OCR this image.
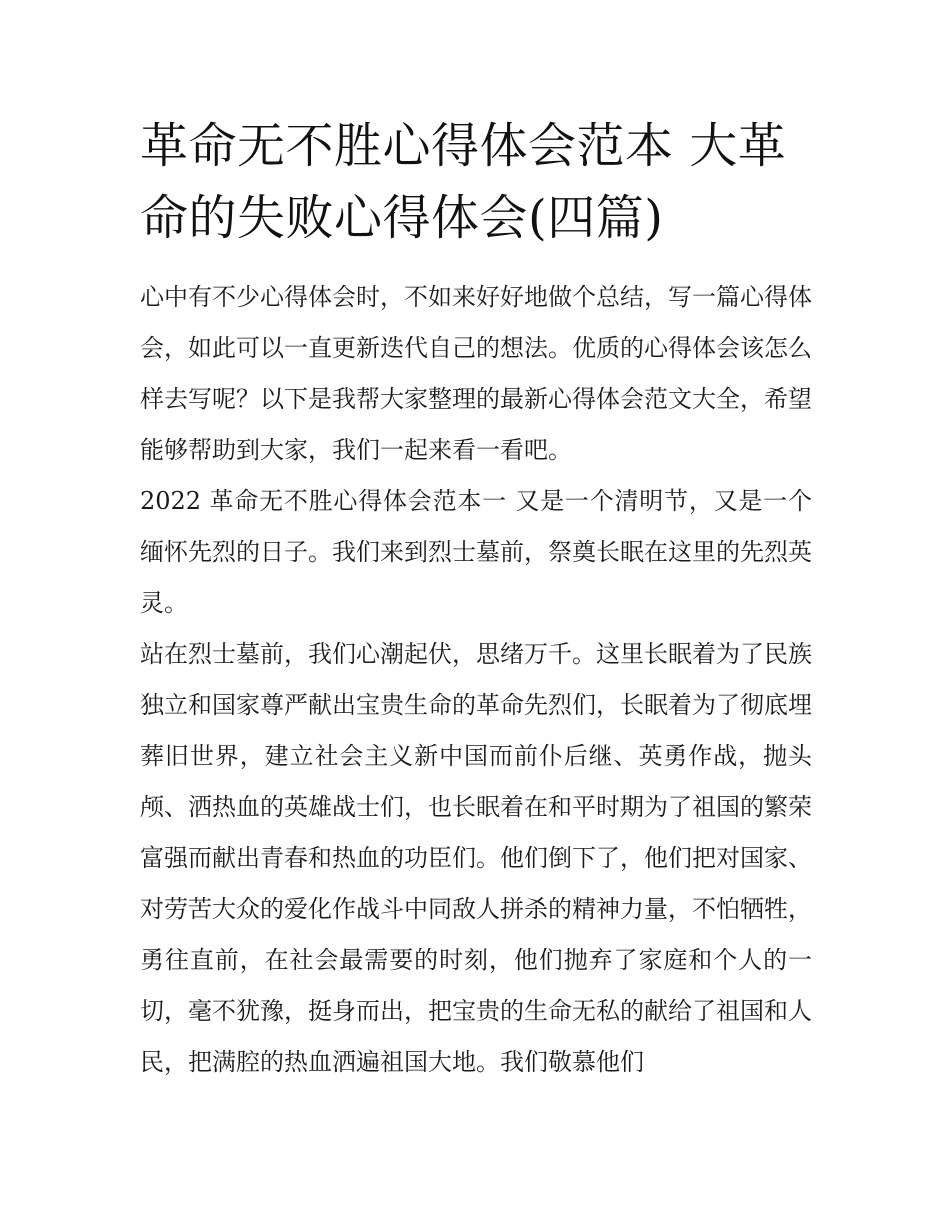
革命无不胜心得体会范本 大革命的失败心得体会(四篇)

心中有不少心得体会时，不如来好好地做个总结，写一篇心得体会，如此可以一直更新迭代自己的想法。优质的心得体会该怎么样去写呢？以下是我帮大家整理的最新心得体会范文大全，希望能够帮助到大家，我们一起来看一看吧。

2022 革命无不胜心得体会范本一 又是一个清明节，又是一个缅怀先烈的日子。我们来到烈士墓前，祭奠长眠在这里的先烈英灵。

站在烈士墓前，我们心潮起伏，思绪万千。这里长眠着为了民族独立和国家尊严献出宝贵生命的革命先烈们，长眠着为了彻底埋葬旧世界，建立社会主义新中国而前仆后继、英勇作战，抛头颅、洒热血的英雄战士们，也长眠着在和平时期为了祖国的繁荣富强而献出青春和热血的功臣们。他们倒下了，他们把对国家、对劳苦大众的爱化作战斗中同敌人拼杀的精神力量，不怕牺牲，勇往直前，在社会最需要的时刻，他们抛弃了家庭和个人的一切，毫不犹豫，挺身而出，把宝贵的生命无私的献给了祖国和人民，把满腔的热血洒遍祖国大地。我们敬慕他们
